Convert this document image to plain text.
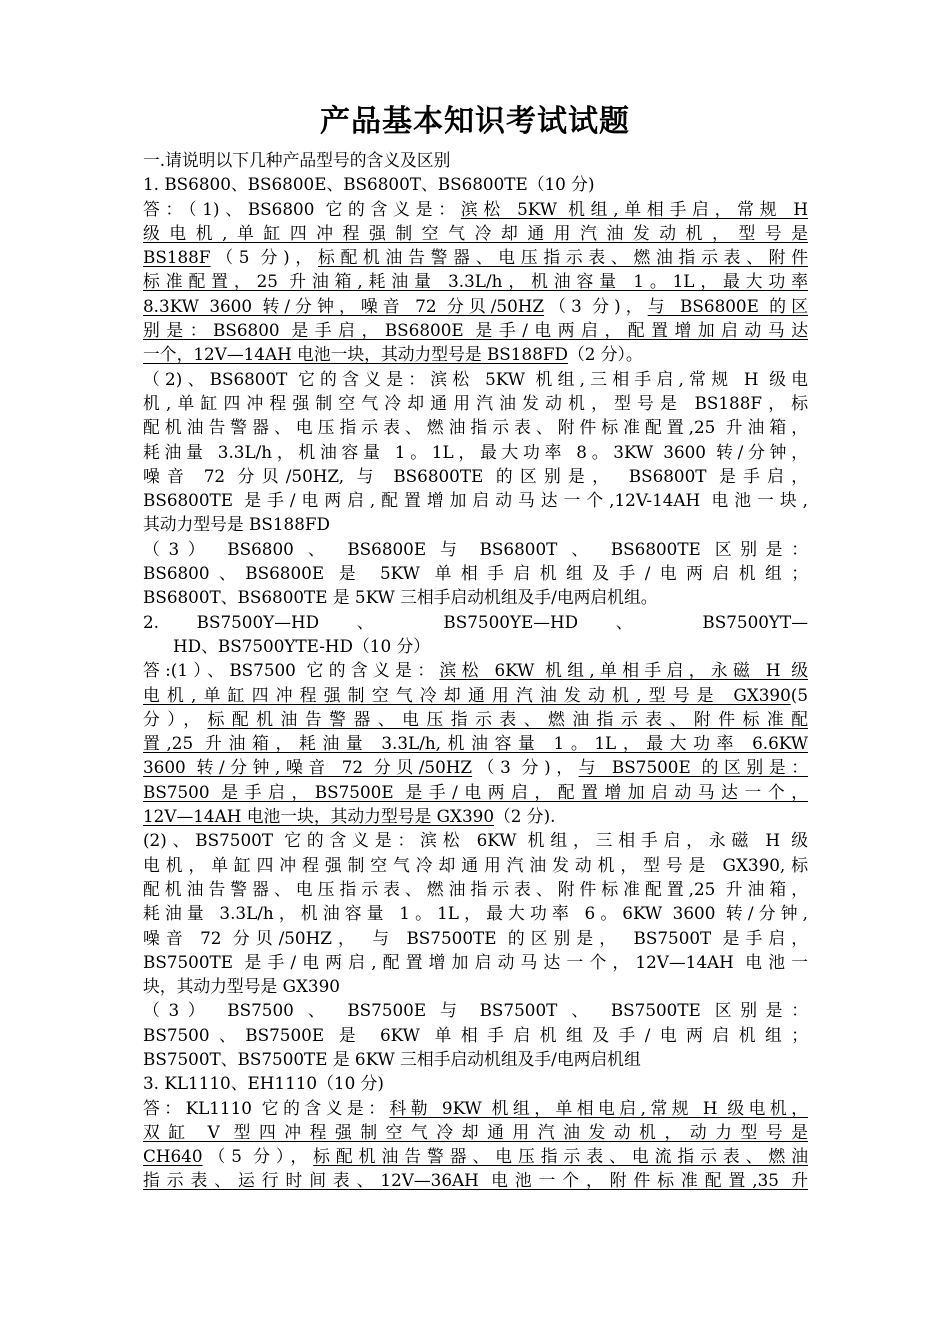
产品基本知识考试试题
一.请说明以下几种产品型号的含义及区别
1. BS6800、BS6800E、BS6800T、BS6800TE（10 分)
答：（1)、BS6800 它的含义是：滨松 5KW 机组,单相手启，常规 H
级电机,单缸四冲程强制空气冷却通用汽油发动机，型号是
BS188F（5 分)，标配机油告警器、电压指示表、燃油指示表、附件
标准配置，25 升油箱,耗油量 3.3L/h，机油容量 1。1L，最大功率
8.3KW 3600 转/分钟，噪音 72 分贝/50HZ（3 分)，与 BS6800E 的区
别是：BS6800 是手启，BS6800E 是手/电两启，配置增加启动马达
一个，12V—14AH 电池一块，其动力型号是 BS188FD（2 分）。
（2)、BS6800T 它的含义是：滨松 5KW 机组,三相手启,常规 H 级电
机,单缸四冲程强制空气冷却通用汽油发动机，型号是 BS188F，标
配机油告警器、电压指示表、燃油指示表、附件标准配置,25 升油箱，
耗油量 3.3L/h，机油容量 1。1L，最大功率 8。3KW 3600 转/分钟，
噪音 72 分贝/50HZ, 与 BS6800TE 的区别是， BS6800T 是手启，
BS6800TE 是手/电两启,配置增加启动马达一个,12V-14AH 电池一块,
其动力型号是 BS188FD
（3） BS6800 、 BS6800E 与 BS6800T 、 BS6800TE 区别是：
BS6800、BS6800E 是 5KW 单相手启机组及手/电两启机组；
BS6800T、BS6800TE 是 5KW 三相手启动机组及手/电两启机组。
2. BS7500Y—HD 、 BS7500YE—HD 、 BS7500YT—
HD、BS7500YTE-HD（10 分）
答:(1）、BS7500 它的含义是：滨松 6KW 机组,单相手启，永磁 H 级
电机,单缸四冲程强制空气冷却通用汽油发动机,型号是 GX390(5
分），标配机油告警器、电压指示表、燃油指示表、附件标准配
置,25 升油箱，耗油量 3.3L/h,机油容量 1。1L，最大功率 6.6KW
3600 转/分钟,噪音 72 分贝/50HZ（3 分)，与 BS7500E 的区别是：
BS7500 是手启，BS7500E 是手/电两启，配置增加启动马达一个，
12V—14AH 电池一块，其动力型号是 GX390（2 分).
(2)、BS7500T 它的含义是：滨松 6KW 机组，三相手启，永磁 H 级
电机，单缸四冲程强制空气冷却通用汽油发动机，型号是 GX390,标
配机油告警器、电压指示表、燃油指示表、附件标准配置,25 升油箱，
耗油量 3.3L/h，机油容量 1。1L，最大功率 6。6KW 3600 转/分钟,
噪音 72 分贝/50HZ， 与 BS7500TE 的区别是， BS7500T 是手启，
BS7500TE 是手/电两启,配置增加启动马达一个，12V—14AH 电池一
块，其动力型号是 GX390
（3） BS7500 、 BS7500E 与 BS7500T 、 BS7500TE 区别是：
BS7500、BS7500E 是 6KW 单相手启机组及手/电两启机组；
BS7500T、BS7500TE 是 6KW 三相手启动机组及手/电两启机组
3. KL1110、EH1110（10 分)
答：KL1110 它的含义是：科勒 9KW 机组，单相电启,常规 H 级电机，
双缸 V 型四冲程强制空气冷却通用汽油发动机，动力型号是
CH640（5 分），标配机油告警器、电压指示表、电流指示表、燃油
指示表、运行时间表、12V—36AH 电池一个，附件标准配置,35 升
